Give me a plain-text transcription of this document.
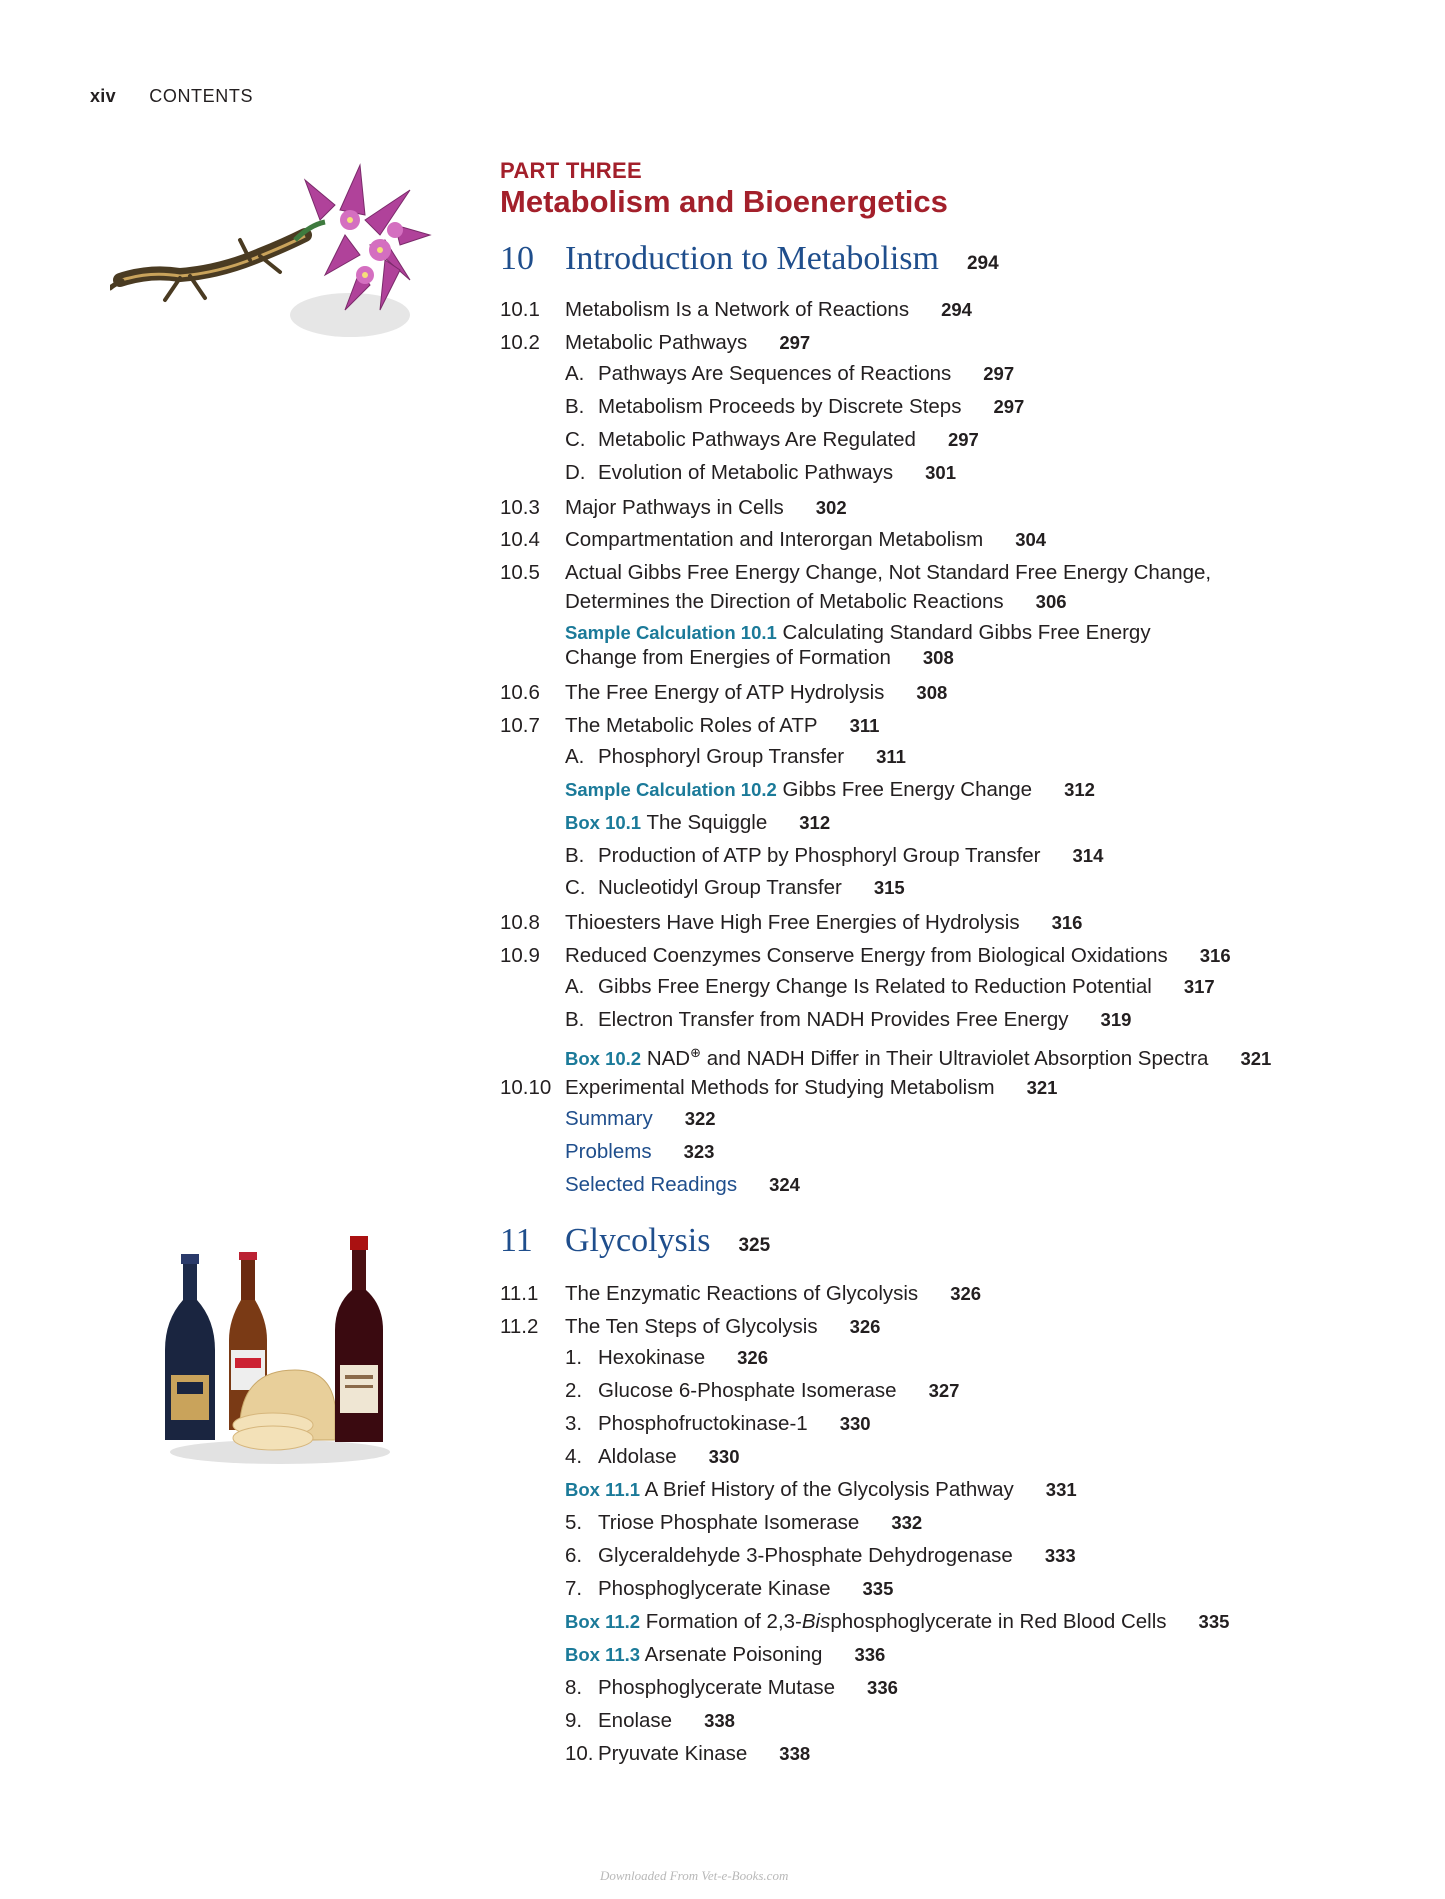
xiv CONTENTS
PART THREE
Metabolism and Bioenergetics
10 Introduction to Metabolism 294
10.1 Metabolism Is a Network of Reactions 294
10.2 Metabolic Pathways 297
A. Pathways Are Sequences of Reactions 297
B. Metabolism Proceeds by Discrete Steps 297
C. Metabolic Pathways Are Regulated 297
D. Evolution of Metabolic Pathways 301
10.3 Major Pathways in Cells 302
10.4 Compartmentation and Interorgan Metabolism 304
10.5 Actual Gibbs Free Energy Change, Not Standard Free Energy Change,
Determines the Direction of Metabolic Reactions 306
Sample Calculation 10.1 Calculating Standard Gibbs Free Energy
Change from Energies of Formation 308
10.6 The Free Energy of ATP Hydrolysis 308
10.7 The Metabolic Roles of ATP 311
A. Phosphoryl Group Transfer 311
Sample Calculation 10.2 Gibbs Free Energy Change 312
Box 10.1 The Squiggle 312
B. Production of ATP by Phosphoryl Group Transfer 314
C. Nucleotidyl Group Transfer 315
10.8 Thioesters Have High Free Energies of Hydrolysis 316
10.9 Reduced Coenzymes Conserve Energy from Biological Oxidations 316
A. Gibbs Free Energy Change Is Related to Reduction Potential 317
B. Electron Transfer from NADH Provides Free Energy 319
Box 10.2 NAD⊕ and NADH Differ in Their Ultraviolet Absorption Spectra 321
10.10 Experimental Methods for Studying Metabolism 321
Summary 322
Problems 323
Selected Readings 324
11 Glycolysis 325
11.1 The Enzymatic Reactions of Glycolysis 326
11.2 The Ten Steps of Glycolysis 326
1. Hexokinase 326
2. Glucose 6-Phosphate Isomerase 327
3. Phosphofructokinase-1 330
4. Aldolase 330
Box 11.1 A Brief History of the Glycolysis Pathway 331
5. Triose Phosphate Isomerase 332
6. Glyceraldehyde 3-Phosphate Dehydrogenase 333
7. Phosphoglycerate Kinase 335
Box 11.2 Formation of 2,3-Bisphosphoglycerate in Red Blood Cells 335
Box 11.3 Arsenate Poisoning 336
8. Phosphoglycerate Mutase 336
9. Enolase 338
10. Pryuvate Kinase 338
Downloaded From Vet-e-Books.com
